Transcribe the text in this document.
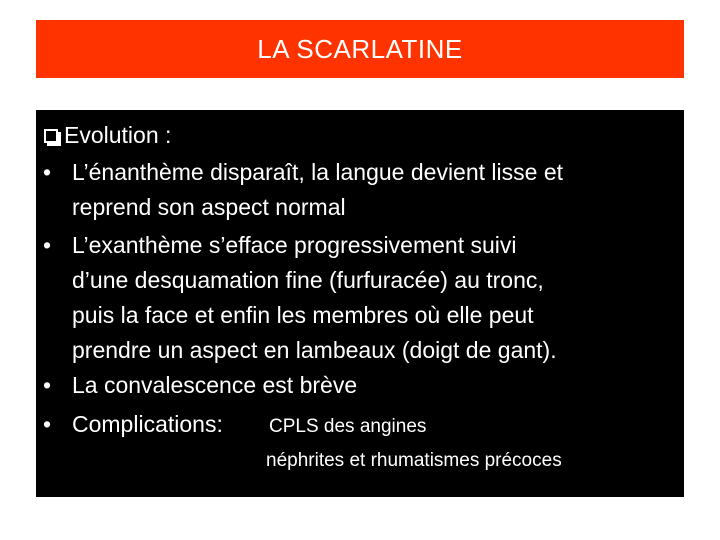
LA SCARLATINE
Evolution :
• L’énanthème disparaît, la langue devient lisse et
reprend son aspect normal
• L’exanthème s’efface progressivement suivi
d’une desquamation fine (furfuracée) au tronc,
puis la face et enfin les membres où elle peut
prendre un aspect en lambeaux (doigt de gant).
• La convalescence est brève
• Complications: CPLS des angines
néphrites et rhumatismes précoces
